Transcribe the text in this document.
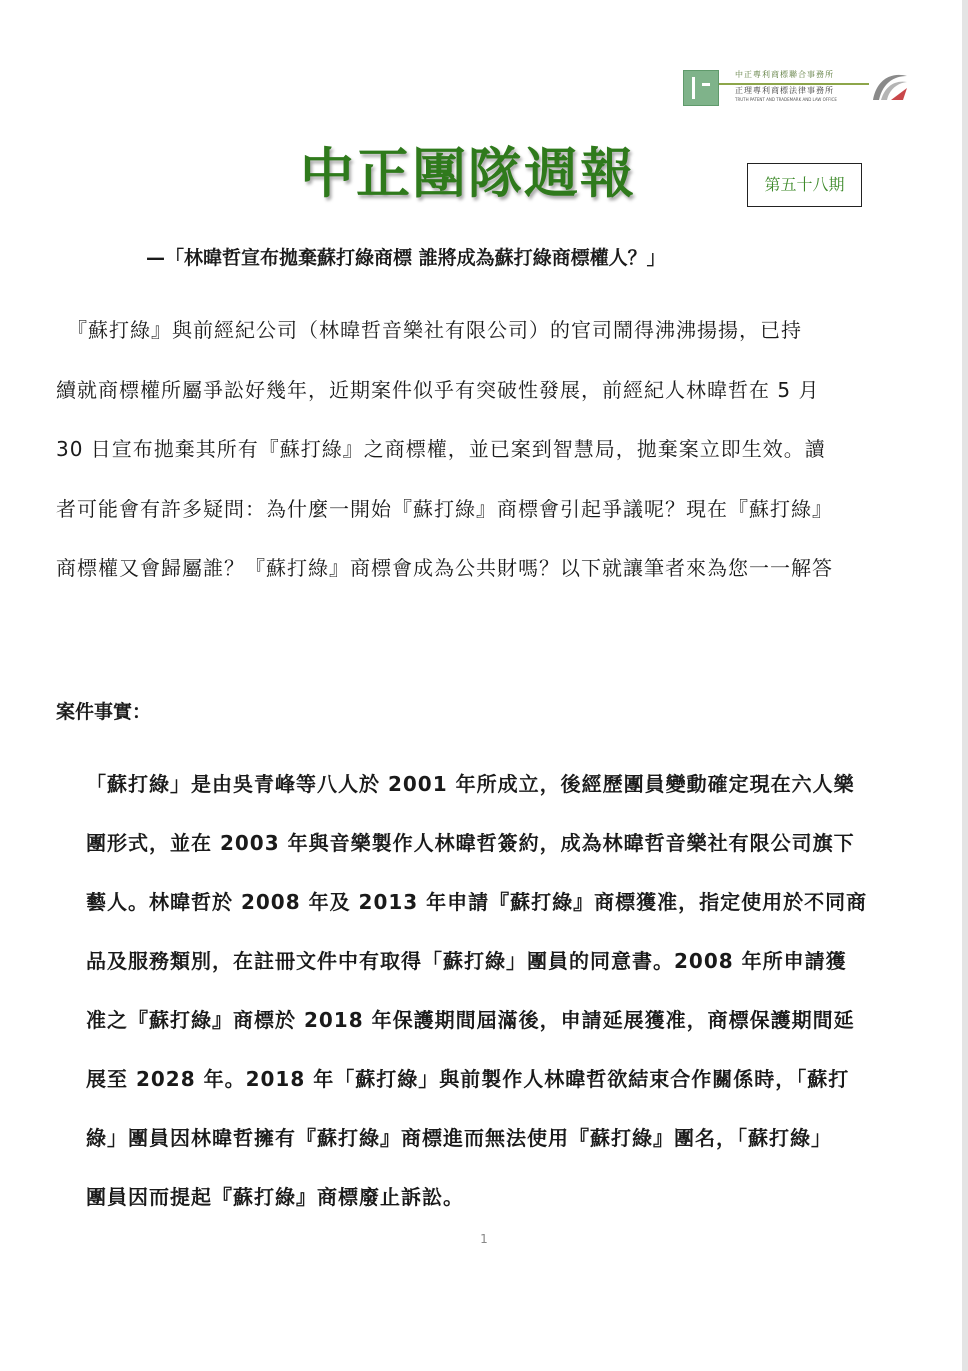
中正專利商標聯合事務所
正理專利商標法律事務所
TRUTH PATENT AND TRADEMARK AND LAW OFFICE
中正團隊週報	第五十八期
—「林暐哲宣布拋棄蘇打綠商標 誰將成為蘇打綠商標權人？」
　『蘇打綠』與前經紀公司（林暐哲音樂社有限公司）的官司鬧得沸沸揚揚，已持
續就商標權所屬爭訟好幾年，近期案件似乎有突破性發展，前經紀人林暐哲在 5 月
30 日宣布拋棄其所有『蘇打綠』之商標權，並已案到智慧局，拋棄案立即生效。讀
者可能會有許多疑問：為什麼一開始『蘇打綠』商標會引起爭議呢？現在『蘇打綠』
商標權又會歸屬誰？『蘇打綠』商標會成為公共財嗎？以下就讓筆者來為您一一解答
案件事實：
「蘇打綠」是由吳青峰等八人於 2001 年所成立，後經歷團員變動確定現在六人樂
團形式，並在 2003 年與音樂製作人林暐哲簽約，成為林暐哲音樂社有限公司旗下
藝人。林暐哲於 2008 年及 2013 年申請『蘇打綠』商標獲准，指定使用於不同商
品及服務類別，在註冊文件中有取得「蘇打綠」團員的同意書。2008 年所申請獲
准之『蘇打綠』商標於 2018 年保護期間屆滿後，申請延展獲准，商標保護期間延
展至 2028 年。2018 年「蘇打綠」與前製作人林暐哲欲結束合作關係時，「蘇打
綠」團員因林暐哲擁有『蘇打綠』商標進而無法使用『蘇打綠』團名，「蘇打綠」
團員因而提起『蘇打綠』商標廢止訴訟。
1
